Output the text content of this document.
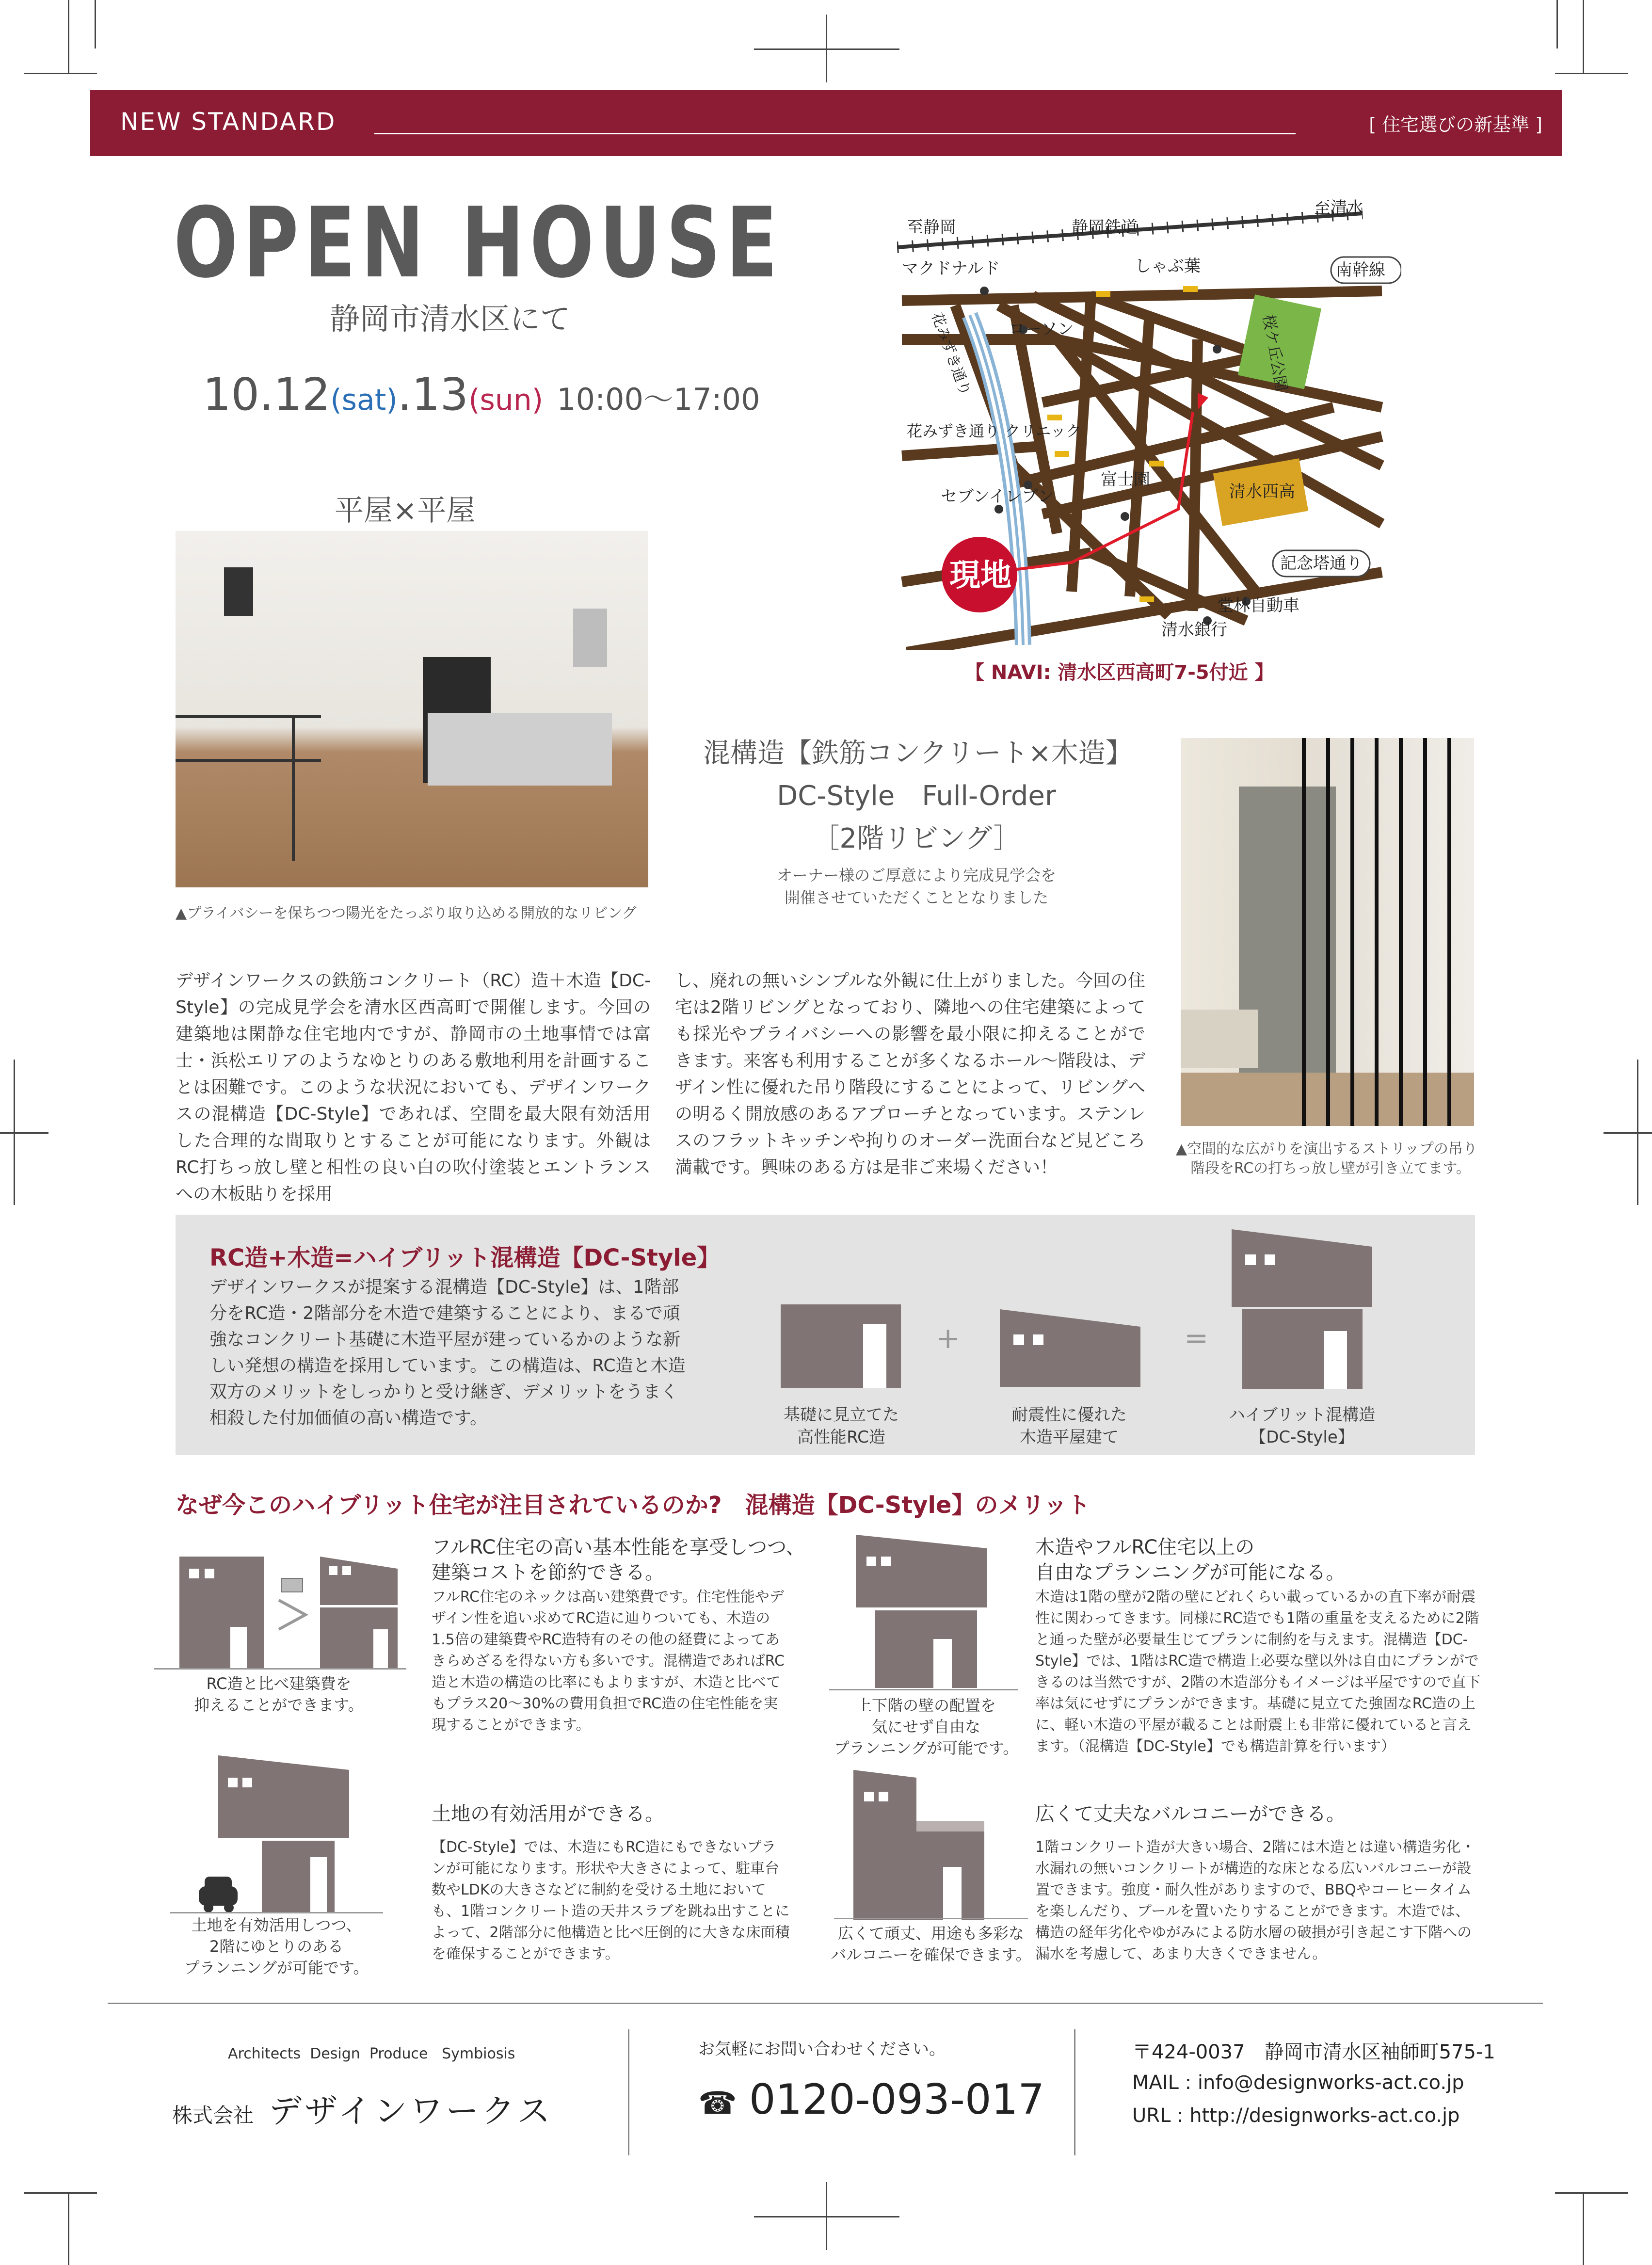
NEW STANDARD	[ 住宅選びの新基準 ]
OPEN HOUSE
静岡市清水区にて
10.12(sat).13(sun) 10:00〜17:00
至静岡	静岡鉄道
至清水
マクドナルド	しゃぶ葉	南幹線
ローソン	桜ケ丘公園
花みずき通り
花みずき通り クリニック
富士園
清水西高
セブンイレブン
現地	記念塔通り
堂林自動車
清水銀行
【 NAVI: 清水区西高町7-5付近 】
平屋×平屋
▲プライバシーを保ちつつ陽光をたっぷり取り込める開放的なリビング
混構造【鉄筋コンクリート×木造】
DC-Style　Full-Order
［2階リビング］
オーナー様のご厚意により完成見学会を
開催させていただくこととなりました
▲空間的な広がりを演出するストリップの吊り
階段をRCの打ちっ放し壁が引き立てます。
デザインワークスの鉄筋コンクリート（RC）造＋木造【DC-Style】の完成見学会を清水区西高町で開催します。今回の建築地は閑静な住宅地内ですが、静岡市の土地事情では富士・浜松エリアのようなゆとりのある敷地利用を計画することは困難です。このような状況においても、デザインワークスの混構造【DC-Style】であれば、空間を最大限有効活用した合理的な間取りとすることが可能になります。外観はRC打ちっ放し壁と相性の良い白の吹付塗装とエントランスへの木板貼りを採用
し、廃れの無いシンプルな外観に仕上がりました。今回の住宅は2階リビングとなっており、隣地への住宅建築によっても採光やプライバシーへの影響を最小限に抑えることができます。来客も利用することが多くなるホール〜階段は、デザイン性に優れた吊り階段にすることによって、リビングへの明るく開放感のあるアプローチとなっています。ステンレスのフラットキッチンや拘りのオーダー洗面台など見どころ満載です。興味のある方は是非ご来場ください！
RC造+木造=ハイブリット混構造【DC-Style】
デザインワークスが提案する混構造【DC-Style】は、1階部分をRC造・2階部分を木造で建築することにより、まるで頑強なコンクリート基礎に木造平屋が建っているかのような新しい発想の構造を採用しています。この構造は、RC造と木造双方のメリットをしっかりと受け継ぎ、デメリットをうまく相殺した付加価値の高い構造です。
+	=
基礎に見立てた
高性能RC造
耐震性に優れた
木造平屋建て
ハイブリット混構造
【DC-Style】
なぜ今このハイブリット住宅が注目されているのか?　混構造【DC-Style】のメリット
RC造と比べ建築費を
抑えることができます。
フルRC住宅の高い基本性能を享受しつつ、
建築コストを節約できる。
フルRC住宅のネックは高い建築費です。住宅性能やデザイン性を追い求めてRC造に辿りついても、木造の1.5倍の建築費やRC造特有のその他の経費によってあきらめざるを得ない方も多いです。混構造であればRC造と木造の構造の比率にもよりますが、木造と比べてもプラス20〜30%の費用負担でRC造の住宅性能を実現することができます。
上下階の壁の配置を
気にせず自由な
プランニングが可能です。
木造やフルRC住宅以上の
自由なプランニングが可能になる。
木造は1階の壁が2階の壁にどれくらい載っているかの直下率が耐震性に関わってきます。同様にRC造でも1階の重量を支えるために2階と通った壁が必要量生じてプランに制約を与えます。混構造【DC-Style】では、1階はRC造で構造上必要な壁以外は自由にプランができるのは当然ですが、2階の木造部分もイメージは平屋ですので直下率は気にせずにプランができます。基礎に見立てた強固なRC造の上に、軽い木造の平屋が載ることは耐震上も非常に優れていると言えます。（混構造【DC-Style】でも構造計算を行います）
土地を有効活用しつつ、
2階にゆとりのある
プランニングが可能です。
土地の有効活用ができる。
【DC-Style】では、木造にもRC造にもできないプランが可能になります。形状や大きさによって、駐車台数やLDKの大きさなどに制約を受ける土地においても、1階コンクリート造の天井スラブを跳ね出すことによって、2階部分に他構造と比べ圧倒的に大きな床面積を確保することができます。
広くて頑丈、用途も多彩な
バルコニーを確保できます。
広くて丈夫なバルコニーができる。
1階コンクリート造が大きい場合、2階には木造とは違い構造劣化・水漏れの無いコンクリートが構造的な床となる広いバルコニーが設置できます。強度・耐久性がありますので、BBQやコーヒータイムを楽しんだり、プールを置いたりすることができます。木造では、構造の経年劣化やゆがみによる防水層の破損が引き起こす下階への漏水を考慮して、あまり大きくできません。
Architects  Design  Produce   Symbiosis
株式会社 デザインワークス
お気軽にお問い合わせください。
☎ 0120-093-017
〒424-0037　静岡市清水区袖師町575-1
MAIL : info@designworks-act.co.jp
URL : http://designworks-act.co.jp
